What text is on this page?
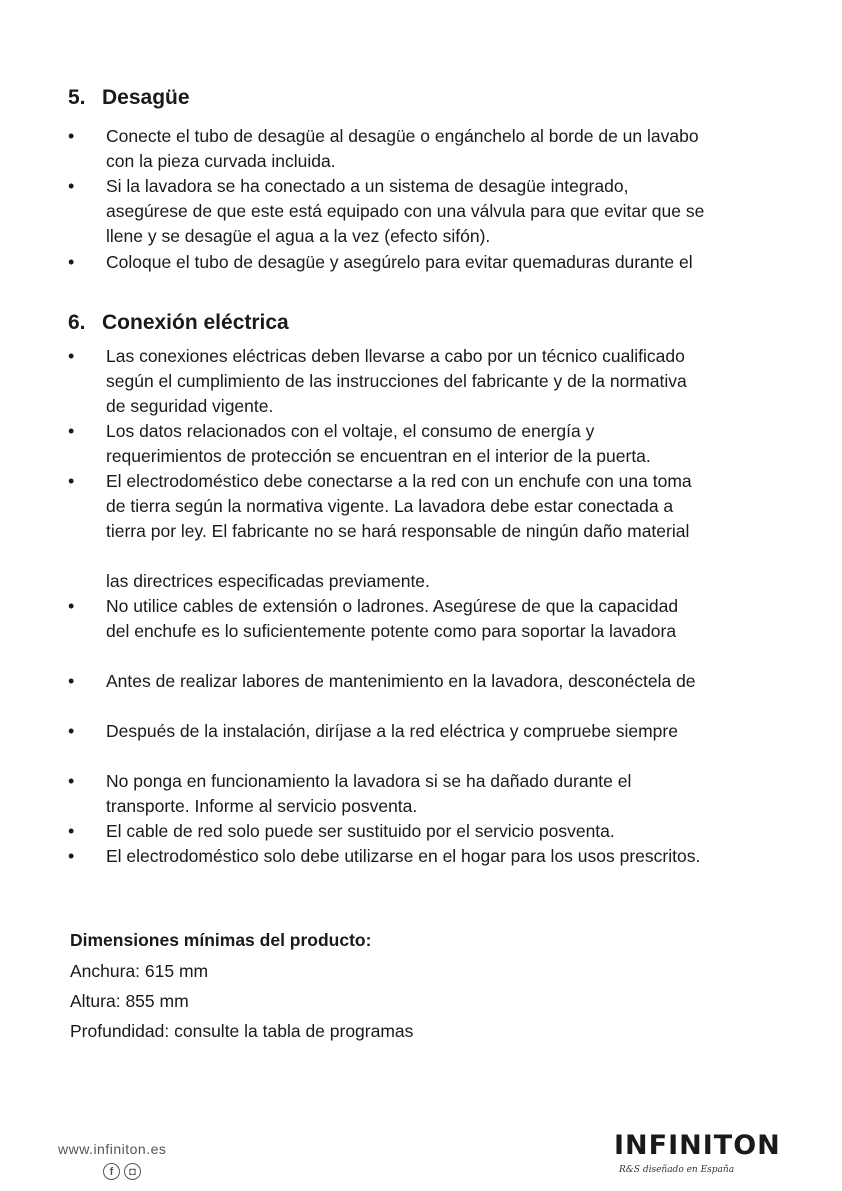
5. Desagüe
• Conecte el tubo de desagüe al desagüe o engánchelo al borde de un lavabo
con la pieza curvada incluida.
• Si la lavadora se ha conectado a un sistema de desagüe integrado,
asegúrese de que este está equipado con una válvula para que evitar que se
llene y se desagüe el agua a la vez (efecto sifón).
• Coloque el tubo de desagüe y asegúrelo para evitar quemaduras durante el
6. Conexión eléctrica
• Las conexiones eléctricas deben llevarse a cabo por un técnico cualificado
según el cumplimiento de las instrucciones del fabricante y de la normativa
de seguridad vigente.
• Los datos relacionados con el voltaje, el consumo de energía y
requerimientos de protección se encuentran en el interior de la puerta.
• El electrodoméstico debe conectarse a la red con un enchufe con una toma
de tierra según la normativa vigente. La lavadora debe estar conectada a
tierra por ley. El fabricante no se hará responsable de ningún daño material
las directrices especificadas previamente.
• No utilice cables de extensión o ladrones. Asegúrese de que la capacidad
del enchufe es lo suficientemente potente como para soportar la lavadora
• Antes de realizar labores de mantenimiento en la lavadora, desconéctela de
• Después de la instalación, diríjase a la red eléctrica y compruebe siempre
• No ponga en funcionamiento la lavadora si se ha dañado durante el
transporte. Informe al servicio posventa.
• El cable de red solo puede ser sustituido por el servicio posventa.
• El electrodoméstico solo debe utilizarse en el hogar para los usos prescritos.
Dimensiones mínimas del producto:
Anchura: 615 mm
Altura: 855 mm
Profundidad: consulte la tabla de programas
www.infiniton.es
f	◘
INFINITON
R&S diseñado en España
